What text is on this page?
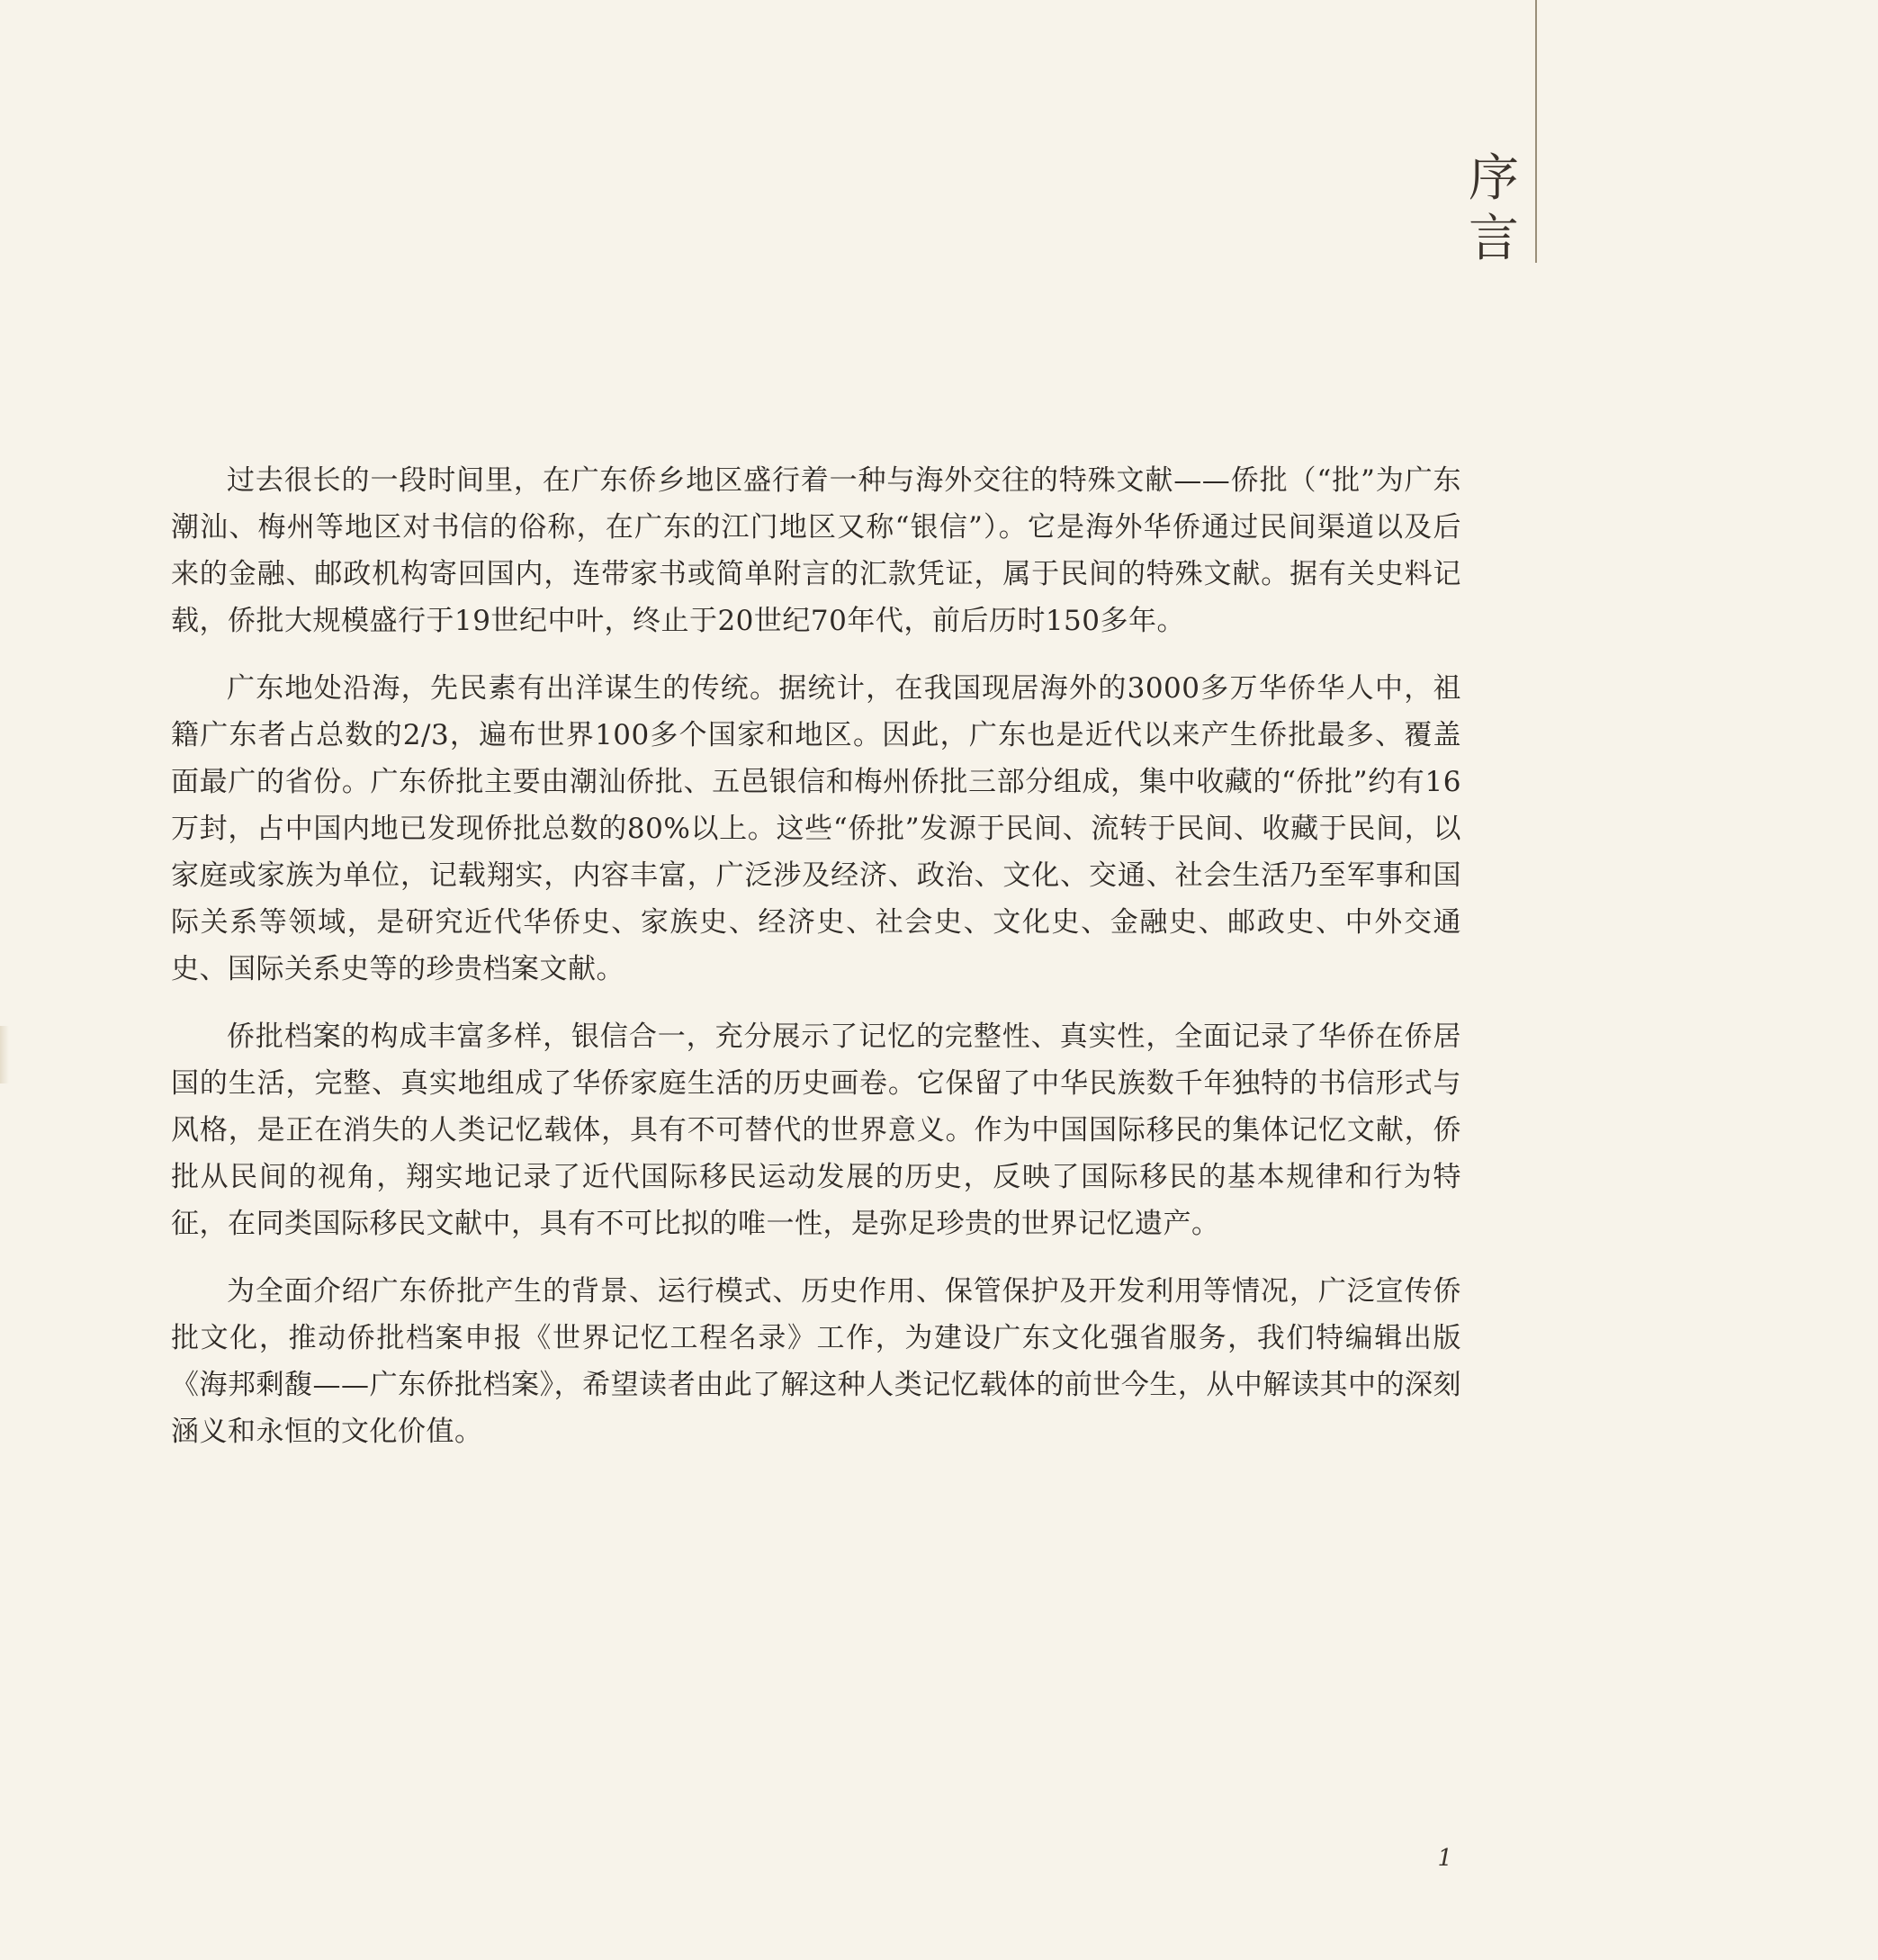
序
言

过去很长的一段时间里，在广东侨乡地区盛行着一种与海外交往的特殊文献——侨批（“批”为广东潮汕、梅州等地区对书信的俗称，在广东的江门地区又称“银信”）。它是海外华侨通过民间渠道以及后来的金融、邮政机构寄回国内，连带家书或简单附言的汇款凭证，属于民间的特殊文献。据有关史料记载，侨批大规模盛行于19世纪中叶，终止于20世纪70年代，前后历时150多年。

广东地处沿海，先民素有出洋谋生的传统。据统计，在我国现居海外的3000多万华侨华人中，祖籍广东者占总数的2/3，遍布世界100多个国家和地区。因此，广东也是近代以来产生侨批最多、覆盖面最广的省份。广东侨批主要由潮汕侨批、五邑银信和梅州侨批三部分组成，集中收藏的“侨批”约有16万封，占中国内地已发现侨批总数的80%以上。这些“侨批”发源于民间、流转于民间、收藏于民间，以家庭或家族为单位，记载翔实，内容丰富，广泛涉及经济、政治、文化、交通、社会生活乃至军事和国际关系等领域，是研究近代华侨史、家族史、经济史、社会史、文化史、金融史、邮政史、中外交通史、国际关系史等的珍贵档案文献。

侨批档案的构成丰富多样，银信合一，充分展示了记忆的完整性、真实性，全面记录了华侨在侨居国的生活，完整、真实地组成了华侨家庭生活的历史画卷。它保留了中华民族数千年独特的书信形式与风格，是正在消失的人类记忆载体，具有不可替代的世界意义。作为中国国际移民的集体记忆文献，侨批从民间的视角，翔实地记录了近代国际移民运动发展的历史，反映了国际移民的基本规律和行为特征，在同类国际移民文献中，具有不可比拟的唯一性，是弥足珍贵的世界记忆遗产。

为全面介绍广东侨批产生的背景、运行模式、历史作用、保管保护及开发利用等情况，广泛宣传侨批文化，推动侨批档案申报《世界记忆工程名录》工作，为建设广东文化强省服务，我们特编辑出版《海邦剩馥——广东侨批档案》，希望读者由此了解这种人类记忆载体的前世今生，从中解读其中的深刻涵义和永恒的文化价值。

1
